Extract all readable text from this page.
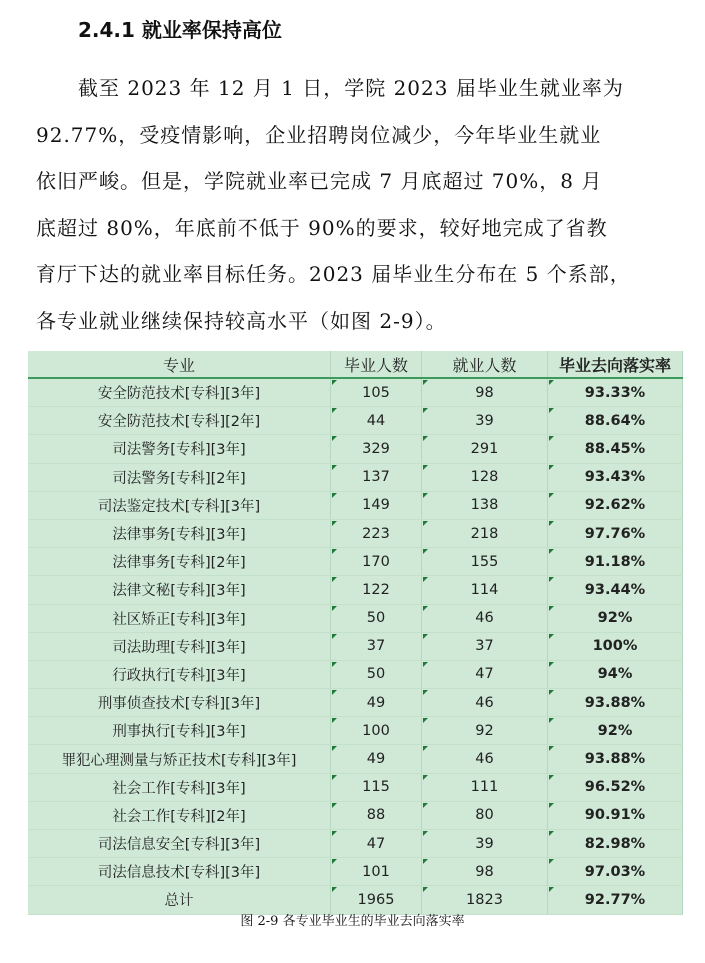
2.4.1 就业率保持高位
　　截至 2023 年 12 月 1 日，学院 2023 届毕业生就业率为
92.77%，受疫情影响，企业招聘岗位减少，今年毕业生就业
依旧严峻。但是，学院就业率已完成 7 月底超过 70%，8 月
底超过 80%，年底前不低于 90%的要求，较好地完成了省教
育厅下达的就业率目标任务。2023 届毕业生分布在 5 个系部，
各专业就业继续保持较高水平（如图 2-9）。
专业	毕业人数	就业人数	毕业去向落实率
安全防范技术[专科][3年]	105	98	93.33%
安全防范技术[专科][2年]	44	39	88.64%
司法警务[专科][3年]	329	291	88.45%
司法警务[专科][2年]	137	128	93.43%
司法鉴定技术[专科][3年]	149	138	92.62%
法律事务[专科][3年]	223	218	97.76%
法律事务[专科][2年]	170	155	91.18%
法律文秘[专科][3年]	122	114	93.44%
社区矫正[专科][3年]	50	46	92%
司法助理[专科][3年]	37	37	100%
行政执行[专科][3年]	50	47	94%
刑事侦查技术[专科][3年]	49	46	93.88%
刑事执行[专科][3年]	100	92	92%
罪犯心理测量与矫正技术[专科][3年]	49	46	93.88%
社会工作[专科][3年]	115	111	96.52%
社会工作[专科][2年]	88	80	90.91%
司法信息安全[专科][3年]	47	39	82.98%
司法信息技术[专科][3年]	101	98	97.03%
总计	1965	1823	92.77%
图 2-9 各专业毕业生的毕业去向落实率
